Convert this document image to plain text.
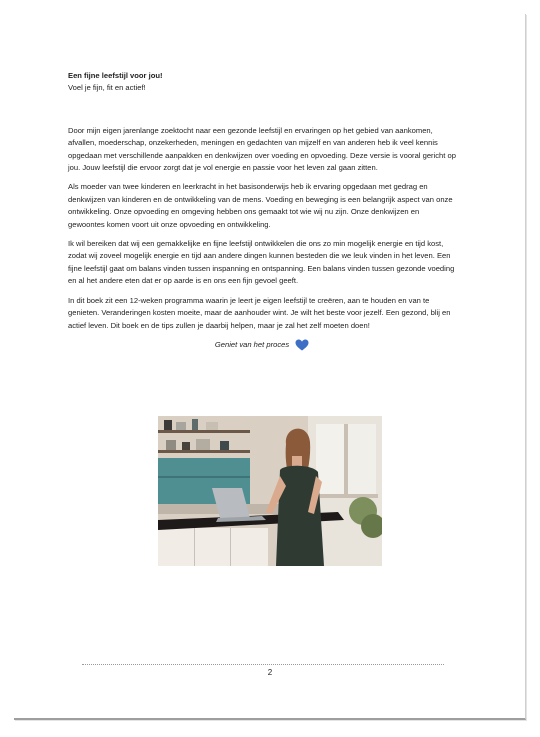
Een fijne leefstijl voor jou!

Voel je fijn, fit en actief!

Door mijn eigen jarenlange zoektocht naar een gezonde leefstijl en ervaringen op het gebied van aankomen, afvallen, moederschap, onzekerheden, meningen en gedachten van mijzelf en van anderen heb ik veel kennis opgedaan met verschillende aanpakken en denkwijzen over voeding en opvoeding. Deze versie is vooral gericht op jou. Jouw leefstijl die ervoor zorgt dat je vol energie en passie voor het leven zal gaan zitten.

Als moeder van twee kinderen en leerkracht in het basisonderwijs heb ik ervaring opgedaan met gedrag en denkwijzen van kinderen en de ontwikkeling van de mens. Voeding en beweging is een belangrijk aspect van onze ontwikkeling. Onze opvoeding en omgeving hebben ons gemaakt tot wie wij nu zijn. Onze denkwijzen en gewoontes komen voort uit onze opvoeding en ontwikkeling.

Ik wil bereiken dat wij een gemakkelijke en fijne leefstijl ontwikkelen die ons zo min mogelijk energie en tijd kost, zodat wij zoveel mogelijk energie en tijd aan andere dingen kunnen besteden die we leuk vinden in het leven. Een fijne leefstijl gaat om balans vinden tussen inspanning en ontspanning. Een balans vinden tussen gezonde voeding en al het andere eten dat er op aarde is en ons een fijn gevoel geeft.

In dit boek zit een 12-weken programma waarin je leert je eigen leefstijl te creëren, aan te houden en van te genieten. Veranderingen kosten moeite, maar de aanhouder wint. Je wilt het beste voor jezelf. Een gezond, blij en actief leven. Dit boek en de tips zullen je daarbij helpen, maar je zal het zelf moeten doen!

Geniet van het proces
2
